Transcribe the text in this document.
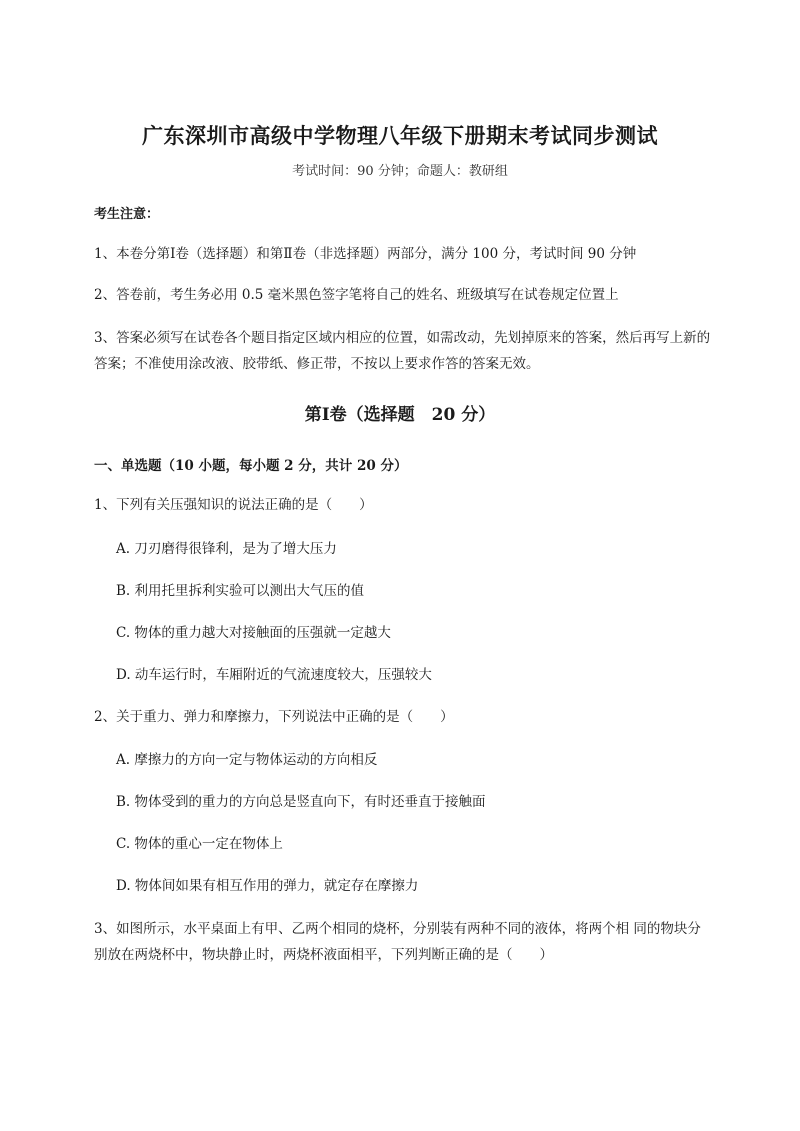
广东深圳市高级中学物理八年级下册期末考试同步测试
考试时间：90 分钟；命题人：教研组
考生注意：
1、本卷分第Ⅰ卷（选择题）和第Ⅱ卷（非选择题）两部分，满分 100 分，考试时间 90 分钟
2、答卷前，考生务必用 0.5 毫米黑色签字笔将自己的姓名、班级填写在试卷规定位置上
3、答案必须写在试卷各个题目指定区域内相应的位置，如需改动，先划掉原来的答案，然后再写上新的答案；不准使用涂改液、胶带纸、修正带，不按以上要求作答的答案无效。
第Ⅰ卷（选择题　20 分）
一、单选题（10 小题，每小题 2 分，共计 20 分）
1、下列有关压强知识的说法正确的是（　　）
A. 刀刃磨得很锋利，是为了增大压力
B. 利用托里拆利实验可以测出大气压的值
C. 物体的重力越大对接触面的压强就一定越大
D. 动车运行时，车厢附近的气流速度较大，压强较大
2、关于重力、弹力和摩擦力，下列说法中正确的是（　　）
A. 摩擦力的方向一定与物体运动的方向相反
B. 物体受到的重力的方向总是竖直向下，有时还垂直于接触面
C. 物体的重心一定在物体上
D. 物体间如果有相互作用的弹力，就定存在摩擦力
3、如图所示，水平桌面上有甲、乙两个相同的烧杯，分别装有两种不同的液体，将两个相 同的物块分别放在两烧杯中，物块静止时，两烧杯液面相平，下列判断正确的是（　　）
